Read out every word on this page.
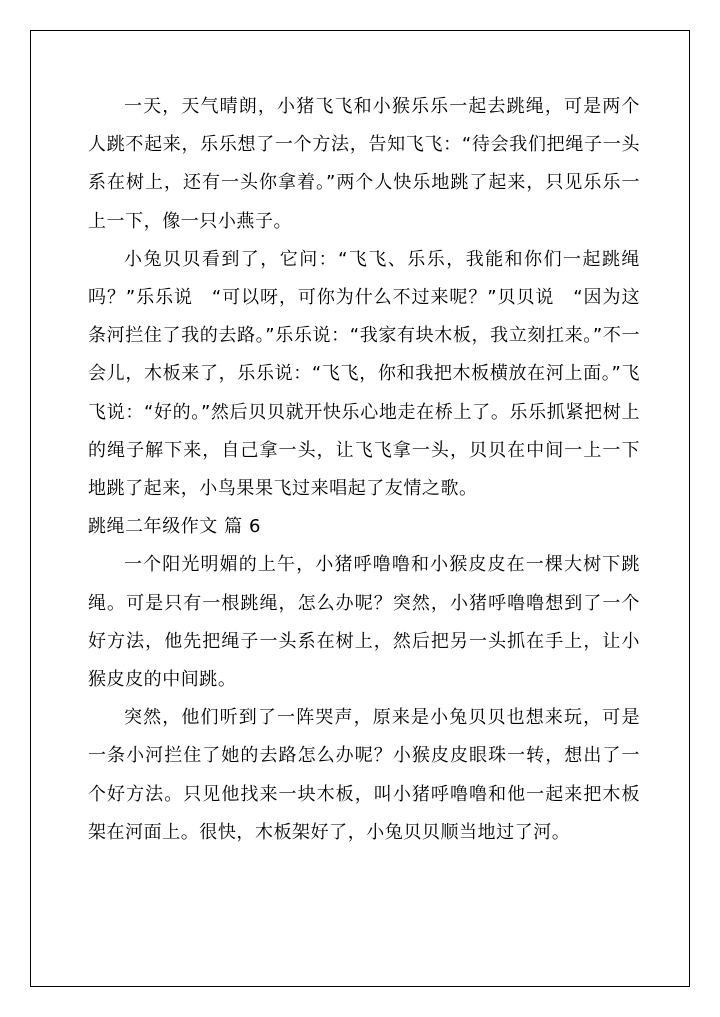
一天，天气晴朗，小猪飞飞和小猴乐乐一起去跳绳，可是两个人跳不起来，乐乐想了一个方法，告知飞飞：“待会我们把绳子一头系在树上，还有一头你拿着。”两个人快乐地跳了起来，只见乐乐一上一下，像一只小燕子。

小兔贝贝看到了，它问：“飞飞、乐乐，我能和你们一起跳绳吗？”乐乐说　“可以呀，可你为什么不过来呢？”贝贝说　“因为这条河拦住了我的去路。”乐乐说：“我家有块木板，我立刻扛来。”不一会儿，木板来了，乐乐说：“飞飞，你和我把木板横放在河上面。”飞飞说：“好的。”然后贝贝就开快乐心地走在桥上了。乐乐抓紧把树上的绳子解下来，自己拿一头，让飞飞拿一头，贝贝在中间一上一下地跳了起来，小鸟果果飞过来唱起了友情之歌。

跳绳二年级作文 篇 6

一个阳光明媚的上午，小猪呼噜噜和小猴皮皮在一棵大树下跳绳。可是只有一根跳绳，怎么办呢？突然，小猪呼噜噜想到了一个好方法，他先把绳子一头系在树上，然后把另一头抓在手上，让小猴皮皮的中间跳。

突然，他们听到了一阵哭声，原来是小兔贝贝也想来玩，可是一条小河拦住了她的去路怎么办呢？小猴皮皮眼珠一转，想出了一个好方法。只见他找来一块木板，叫小猪呼噜噜和他一起来把木板架在河面上。很快，木板架好了，小兔贝贝顺当地过了河。
